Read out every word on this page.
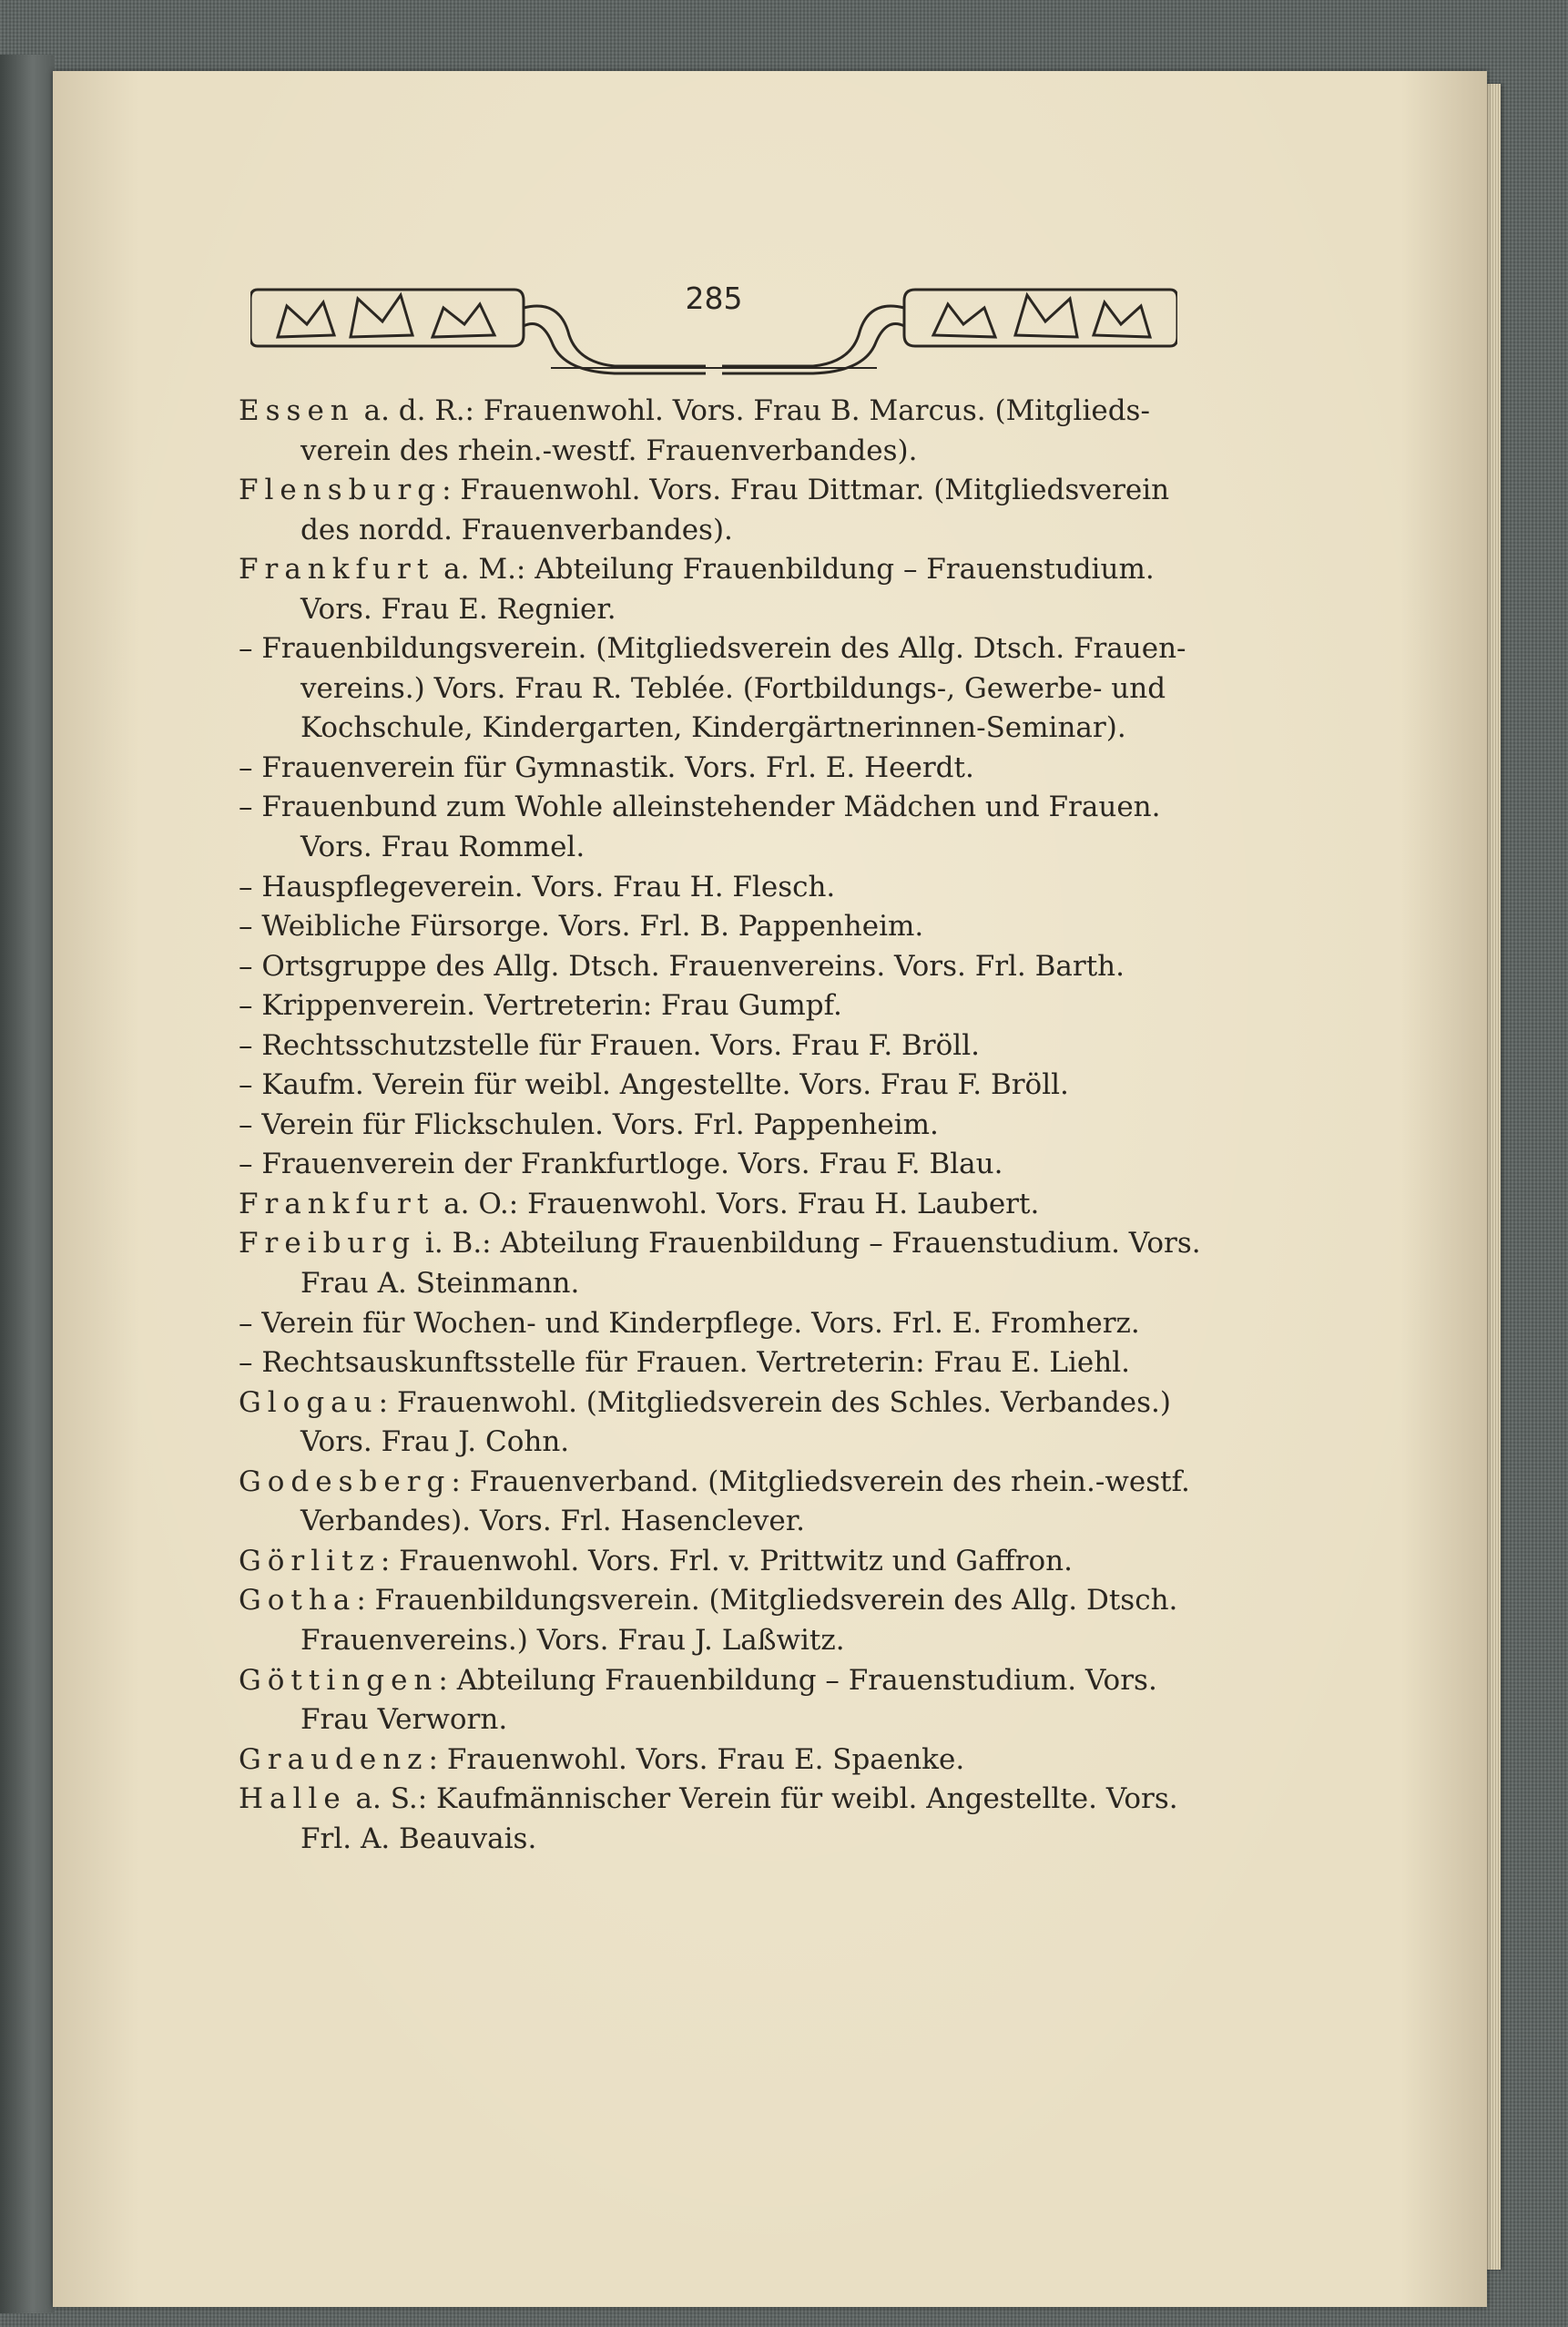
285
Essen a. d. R.: Frauenwohl. Vors. Frau B. Marcus. (Mitglieds-
verein des rhein.-westf. Frauenverbandes).
Flensburg: Frauenwohl. Vors. Frau Dittmar. (Mitgliedsverein
des nordd. Frauenverbandes).
Frankfurt a. M.: Abteilung Frauenbildung – Frauenstudium.
Vors. Frau E. Regnier.
– Frauenbildungsverein. (Mitgliedsverein des Allg. Dtsch. Frauen-
vereins.) Vors. Frau R. Teblée. (Fortbildungs-, Gewerbe- und
Kochschule, Kindergarten, Kindergärtnerinnen-Seminar).
– Frauenverein für Gymnastik. Vors. Frl. E. Heerdt.
– Frauenbund zum Wohle alleinstehender Mädchen und Frauen.
Vors. Frau Rommel.
– Hauspflegeverein. Vors. Frau H. Flesch.
– Weibliche Fürsorge. Vors. Frl. B. Pappenheim.
– Ortsgruppe des Allg. Dtsch. Frauenvereins. Vors. Frl. Barth.
– Krippenverein. Vertreterin: Frau Gumpf.
– Rechtsschutzstelle für Frauen. Vors. Frau F. Bröll.
– Kaufm. Verein für weibl. Angestellte. Vors. Frau F. Bröll.
– Verein für Flickschulen. Vors. Frl. Pappenheim.
– Frauenverein der Frankfurtloge. Vors. Frau F. Blau.
Frankfurt a. O.: Frauenwohl. Vors. Frau H. Laubert.
Freiburg i. B.: Abteilung Frauenbildung – Frauenstudium. Vors.
Frau A. Steinmann.
– Verein für Wochen- und Kinderpflege. Vors. Frl. E. Fromherz.
– Rechtsauskunftsstelle für Frauen. Vertreterin: Frau E. Liehl.
Glogau: Frauenwohl. (Mitgliedsverein des Schles. Verbandes.)
Vors. Frau J. Cohn.
Godesberg: Frauenverband. (Mitgliedsverein des rhein.-westf.
Verbandes). Vors. Frl. Hasenclever.
Görlitz: Frauenwohl. Vors. Frl. v. Prittwitz und Gaffron.
Gotha: Frauenbildungsverein. (Mitgliedsverein des Allg. Dtsch.
Frauenvereins.) Vors. Frau J. Laßwitz.
Göttingen: Abteilung Frauenbildung – Frauenstudium. Vors.
Frau Verworn.
Graudenz: Frauenwohl. Vors. Frau E. Spaenke.
Halle a. S.: Kaufmännischer Verein für weibl. Angestellte. Vors.
Frl. A. Beauvais.
